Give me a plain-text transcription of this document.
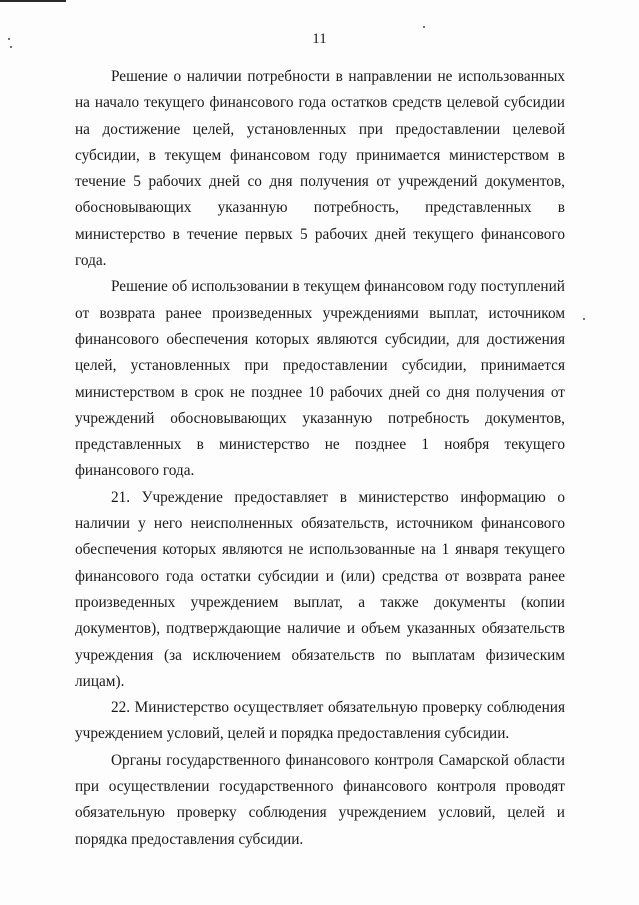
11

Решение о наличии потребности в направлении не использованных на начало текущего финансового года остатков средств целевой субсидии на достижение целей, установленных при предоставлении целевой субсидии, в текущем финансовом году принимается министерством в течение 5 рабочих дней со дня получения от учреждений документов, обосновывающих указанную потребность, представленных в министерство в течение первых 5 рабочих дней текущего финансового года.

Решение об использовании в текущем финансовом году поступлений от возврата ранее произведенных учреждениями выплат, источником финансового обеспечения которых являются субсидии, для достижения целей, установленных при предоставлении субсидии, принимается министерством в срок не позднее 10 рабочих дней со дня получения от учреждений обосновывающих указанную потребность документов, представленных в министерство не позднее 1 ноября текущего финансового года.

21. Учреждение предоставляет в министерство информацию о наличии у него неисполненных обязательств, источником финансового обеспечения которых являются не использованные на 1 января текущего финансового года остатки субсидии и (или) средства от возврата ранее произведенных учреждением выплат, а также документы (копии документов), подтверждающие наличие и объем указанных обязательств учреждения (за исключением обязательств по выплатам физическим лицам).

22. Министерство осуществляет обязательную проверку соблюдения учреждением условий, целей и порядка предоставления субсидии.

Органы государственного финансового контроля Самарской области при осуществлении государственного финансового контроля проводят обязательную проверку соблюдения учреждением условий, целей и порядка предоставления субсидии.
